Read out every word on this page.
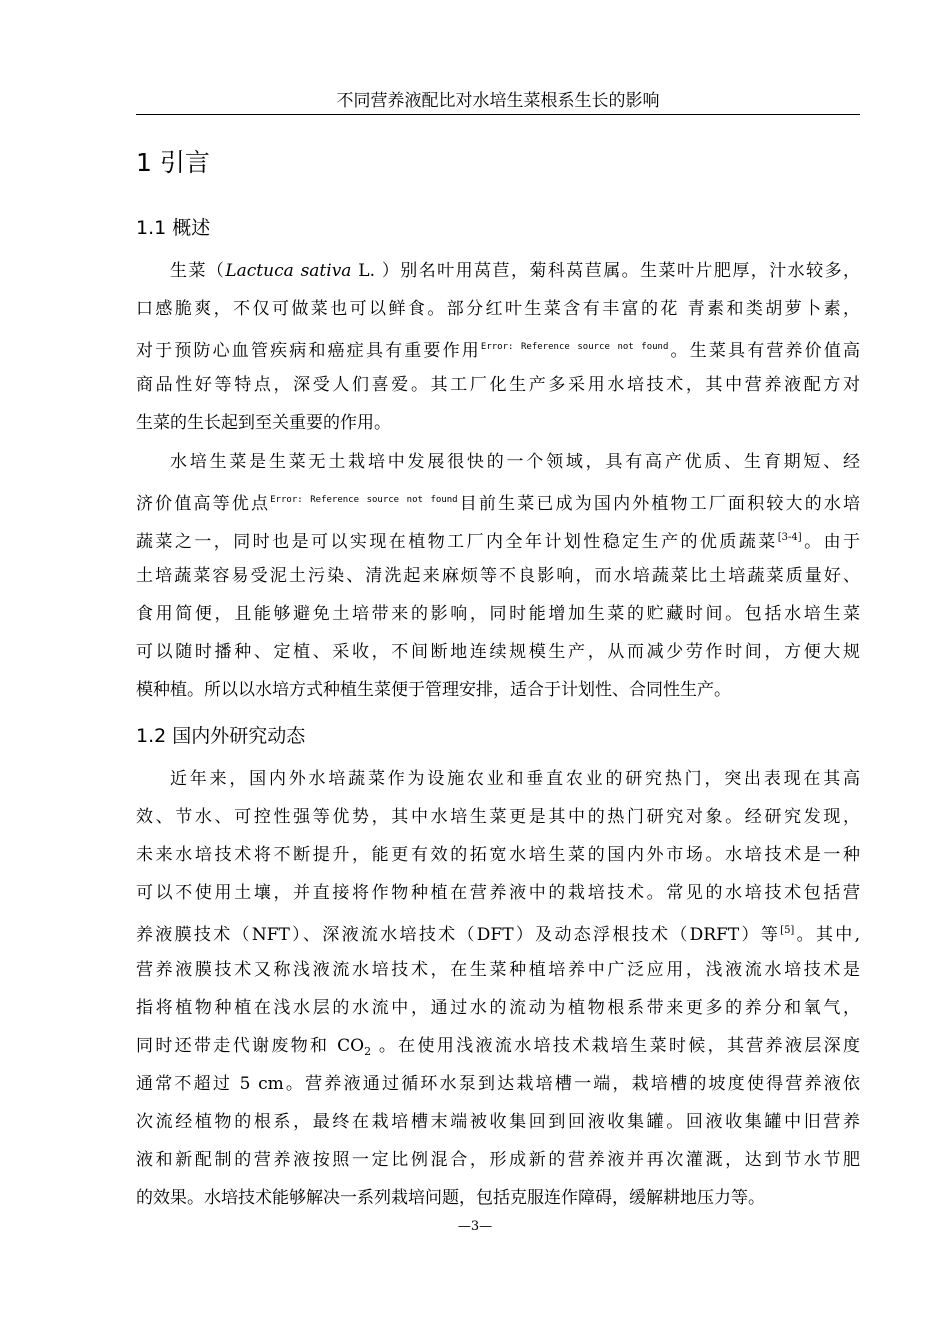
不同营养液配比对水培生菜根系生长的影响
1 引言
1.1 概述
生菜（Lactuca sativa L. ）别名叶用莴苣，菊科莴苣属。生菜叶片肥厚，汁水较多，
口感脆爽，不仅可做菜也可以鲜食。部分红叶生菜含有丰富的花 青素和类胡萝卜素，
对于预防心血管疾病和癌症具有重要作用$^{Error: Reference source not found}$。生菜具有营养价值高
商品性好等特点，深受人们喜爱。其工厂化生产多采用水培技术，其中营养液配方对
生菜的生长起到至关重要的作用。
水培生菜是生菜无土栽培中发展很快的一个领域，具有高产优质、生育期短、经
济价值高等优点$^{Error: Reference source not found}$目前生菜已成为国内外植物工厂面积较大的水培
蔬菜之一，同时也是可以实现在植物工厂内全年计划性稳定生产的优质蔬菜[3-4]。由于
土培蔬菜容易受泥土污染、清洗起来麻烦等不良影响，而水培蔬菜比土培蔬菜质量好、
食用简便，且能够避免土培带来的影响，同时能增加生菜的贮藏时间。包括水培生菜
可以随时播种、定植、采收，不间断地连续规模生产，从而减少劳作时间，方便大规
模种植。所以以水培方式种植生菜便于管理安排，适合于计划性、合同性生产。
1.2 国内外研究动态
近年来，国内外水培蔬菜作为设施农业和垂直农业的研究热门，突出表现在其高
效、节水、可控性强等优势，其中水培生菜更是其中的热门研究对象。经研究发现，
未来水培技术将不断提升，能更有效的拓宽水培生菜的国内外市场。水培技术是一种
可以不使用土壤，并直接将作物种植在营养液中的栽培技术。常见的水培技术包括营
养液膜技术（NFT）、深液流水培技术（DFT）及动态浮根技术（DRFT）等[5]。其中,
营养液膜技术又称浅液流水培技术，在生菜种植培养中广泛应用，浅液流水培技术是
指将植物种植在浅水层的水流中，通过水的流动为植物根系带来更多的养分和氧气，
同时还带走代谢废物和 $CO_2$ 。在使用浅液流水培技术栽培生菜时候，其营养液层深度
通常不超过 5 cm。营养液通过循环水泵到达栽培槽一端，栽培槽的坡度使得营养液依
次流经植物的根系，最终在栽培槽末端被收集回到回液收集罐。回液收集罐中旧营养
液和新配制的营养液按照一定比例混合，形成新的营养液并再次灌溉，达到节水节肥
的效果。水培技术能够解决一系列栽培问题，包括克服连作障碍，缓解耕地压力等。
—3—
